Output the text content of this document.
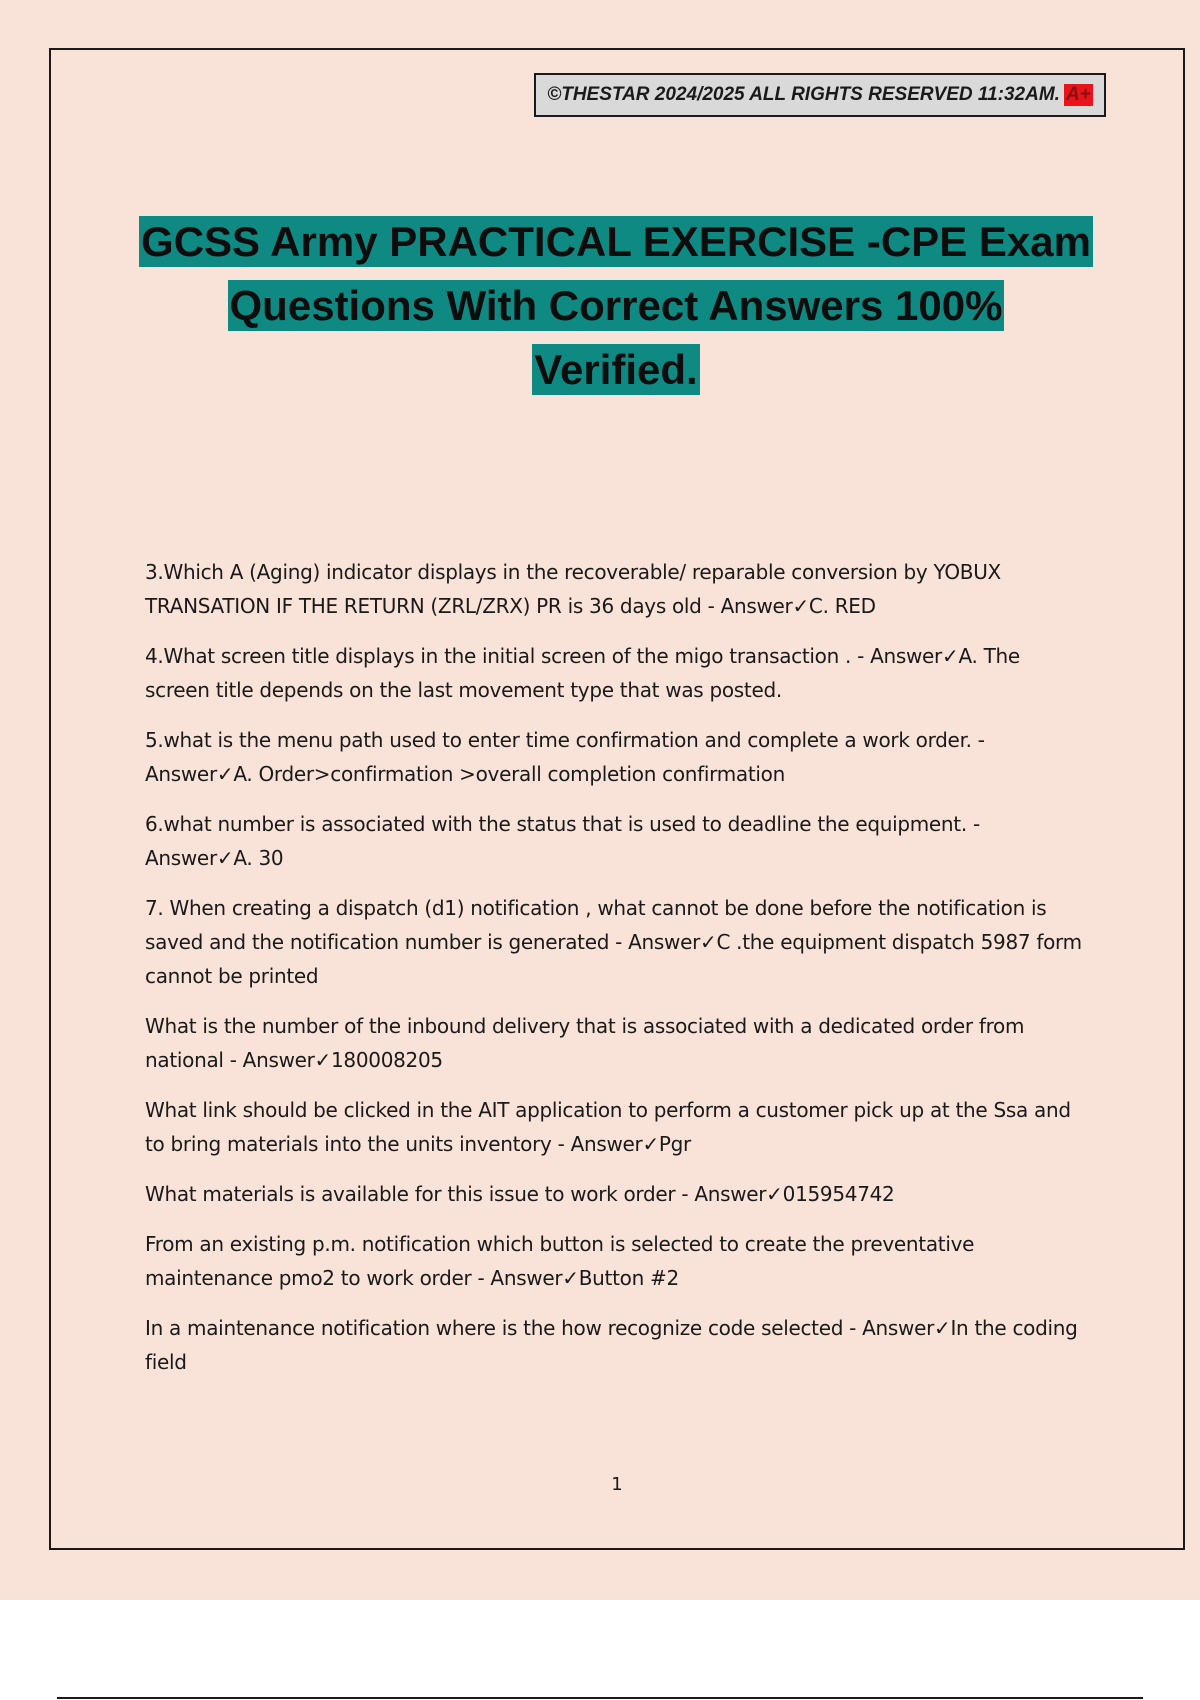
©THESTAR 2024/2025 ALL RIGHTS RESERVED 11:32AM. A+
GCSS Army PRACTICAL EXERCISE -CPE Exam
Questions With Correct Answers 100%
Verified.

3.Which A (Aging) indicator displays in the recoverable/ reparable conversion by YOBUX TRANSATION IF THE RETURN (ZRL/ZRX) PR is 36 days old - Answer✓C. RED

4.What screen title displays in the initial screen of the migo transaction . - Answer✓A. The screen title depends on the last movement type that was posted.

5.what is the menu path used to enter time confirmation and complete a work order. - Answer✓A. Order>confirmation >overall completion confirmation

6.what number is associated with the status that is used to deadline the equipment. - Answer✓A. 30

7. When creating a dispatch (d1) notification , what cannot be done before the notification is saved and the notification number is generated - Answer✓C .the equipment dispatch 5987 form cannot be printed

What is the number of the inbound delivery that is associated with a dedicated order from national - Answer✓180008205

What link should be clicked in the AIT application to perform a customer pick up at the Ssa and to bring materials into the units inventory - Answer✓Pgr

What materials is available for this issue to work order - Answer✓015954742

From an existing p.m. notification which button is selected to create the preventative maintenance pmo2 to work order - Answer✓Button #2

In a maintenance notification where is the how recognize code selected - Answer✓In the coding field

1
